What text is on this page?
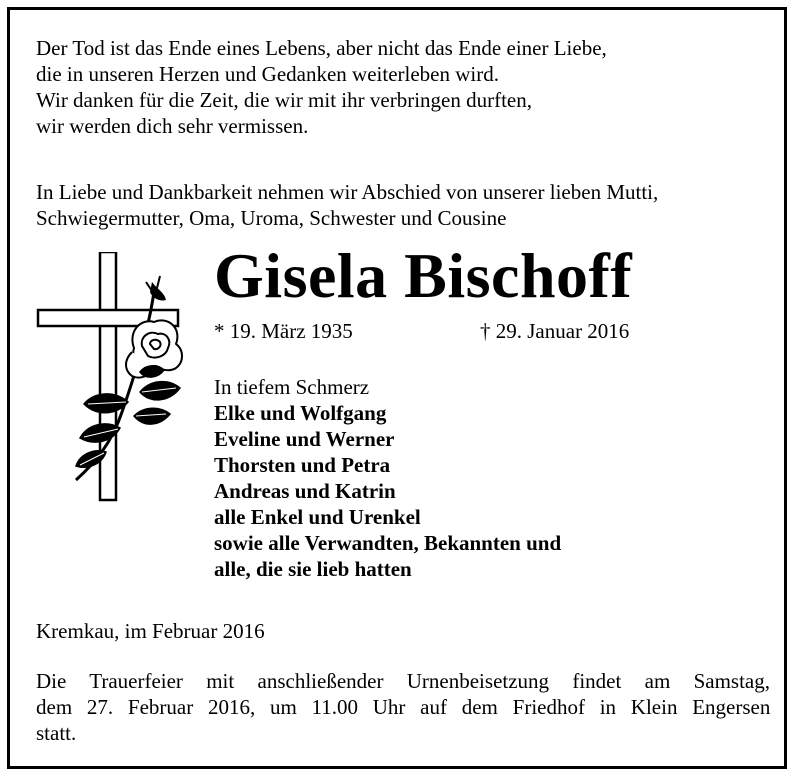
Der Tod ist das Ende eines Lebens, aber nicht das Ende einer Liebe,
die in unseren Herzen und Gedanken weiterleben wird.
Wir danken für die Zeit, die wir mit ihr verbringen durften,
wir werden dich sehr vermissen.

In Liebe und Dankbarkeit nehmen wir Abschied von unserer lieben Mutti,
Schwiegermutter, Oma, Uroma, Schwester und Cousine

Gisela Bischoff
* 19. März 1935	† 29. Januar 2016

In tiefem Schmerz
Elke und Wolfgang
Eveline und Werner
Thorsten und Petra
Andreas und Katrin
alle Enkel und Urenkel
sowie alle Verwandten, Bekannten und
alle, die sie lieb hatten

Kremkau, im Februar 2016

Die Trauerfeier mit anschließender Urnenbeisetzung findet am Samstag,
dem 27. Februar 2016, um 11.00 Uhr auf dem Friedhof in Klein Engersen
statt.
